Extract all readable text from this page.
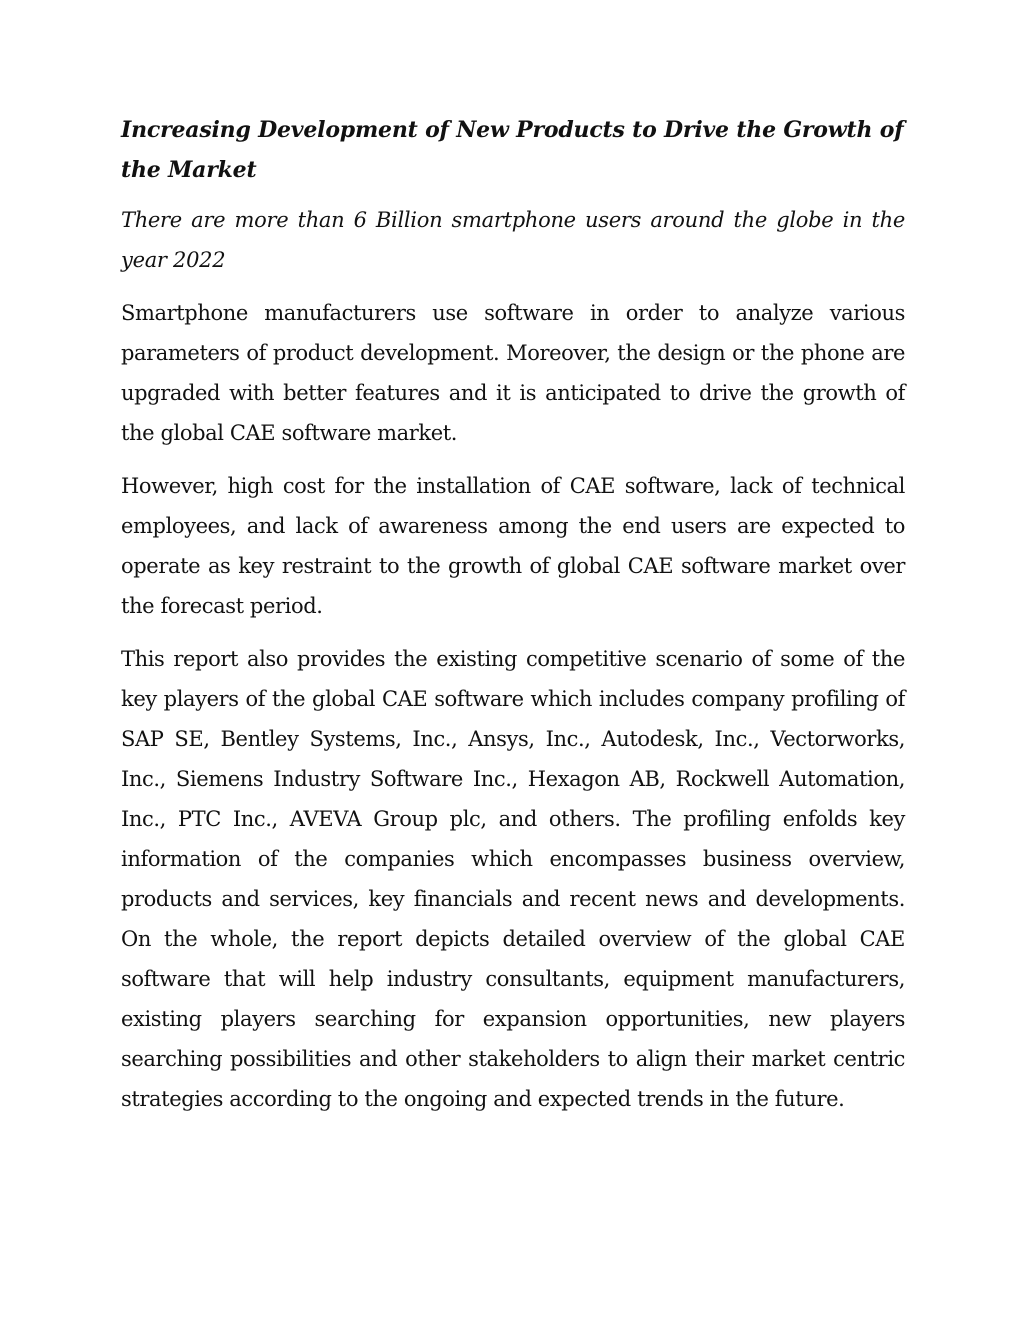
Increasing Development of New Products to Drive the Growth of the Market

There are more than 6 Billion smartphone users around the globe in the year 2022

Smartphone manufacturers use software in order to analyze various parameters of product development. Moreover, the design or the phone are upgraded with better features and it is anticipated to drive the growth of the global CAE software market.

However, high cost for the installation of CAE software, lack of technical employees, and lack of awareness among the end users are expected to operate as key restraint to the growth of global CAE software market over the forecast period.

This report also provides the existing competitive scenario of some of the key players of the global CAE software which includes company profiling of SAP SE, Bentley Systems, Inc., Ansys, Inc., Autodesk, Inc., Vectorworks, Inc., Siemens Industry Software Inc., Hexagon AB, Rockwell Automation, Inc., PTC Inc., AVEVA Group plc, and others. The profiling enfolds key information of the companies which encompasses business overview, products and services, key financials and recent news and developments. On the whole, the report depicts detailed overview of the global CAE software that will help industry consultants, equipment manufacturers, existing players searching for expansion opportunities, new players searching possibilities and other stakeholders to align their market centric strategies according to the ongoing and expected trends in the future.
